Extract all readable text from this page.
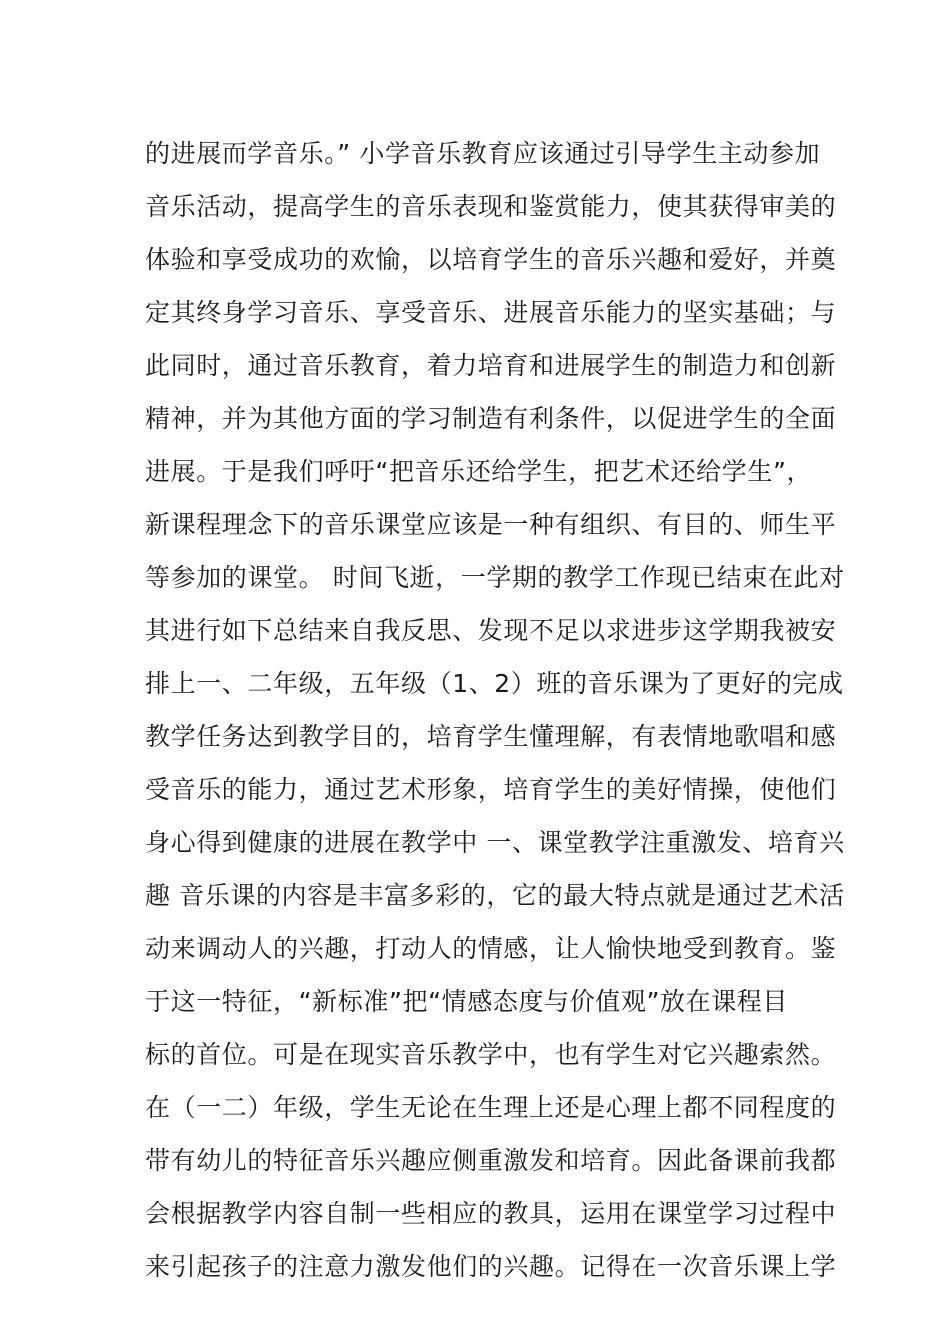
的进展而学音乐。” 小学音乐教育应该通过引导学生主动参加
音乐活动，提高学生的音乐表现和鉴赏能力，使其获得审美的
体验和享受成功的欢愉，以培育学生的音乐兴趣和爱好，并奠
定其终身学习音乐、享受音乐、进展音乐能力的坚实基础；与
此同时，通过音乐教育，着力培育和进展学生的制造力和创新
精神，并为其他方面的学习制造有利条件，以促进学生的全面
进展。于是我们呼吁“把音乐还给学生，把艺术还给学生”，
新课程理念下的音乐课堂应该是一种有组织、有目的、师生平
等参加的课堂。 时间飞逝，一学期的教学工作现已结束在此对
其进行如下总结来自我反思、发现不足以求进步这学期我被安
排上一、二年级，五年级（1、2）班的音乐课为了更好的完成
教学任务达到教学目的，培育学生懂理解，有表情地歌唱和感
受音乐的能力，通过艺术形象，培育学生的美好情操，使他们
身心得到健康的进展在教学中 一、课堂教学注重激发、培育兴
趣 音乐课的内容是丰富多彩的，它的最大特点就是通过艺术活
动来调动人的兴趣，打动人的情感，让人愉快地受到教育。鉴
于这一特征，“新标准”把“情感态度与价值观”放在课程目
标的首位。可是在现实音乐教学中，也有学生对它兴趣索然。
在（一二）年级，学生无论在生理上还是心理上都不同程度的
带有幼儿的特征音乐兴趣应侧重激发和培育。因此备课前我都
会根据教学内容自制一些相应的教具，运用在课堂学习过程中
来引起孩子的注意力激发他们的兴趣。记得在一次音乐课上学
